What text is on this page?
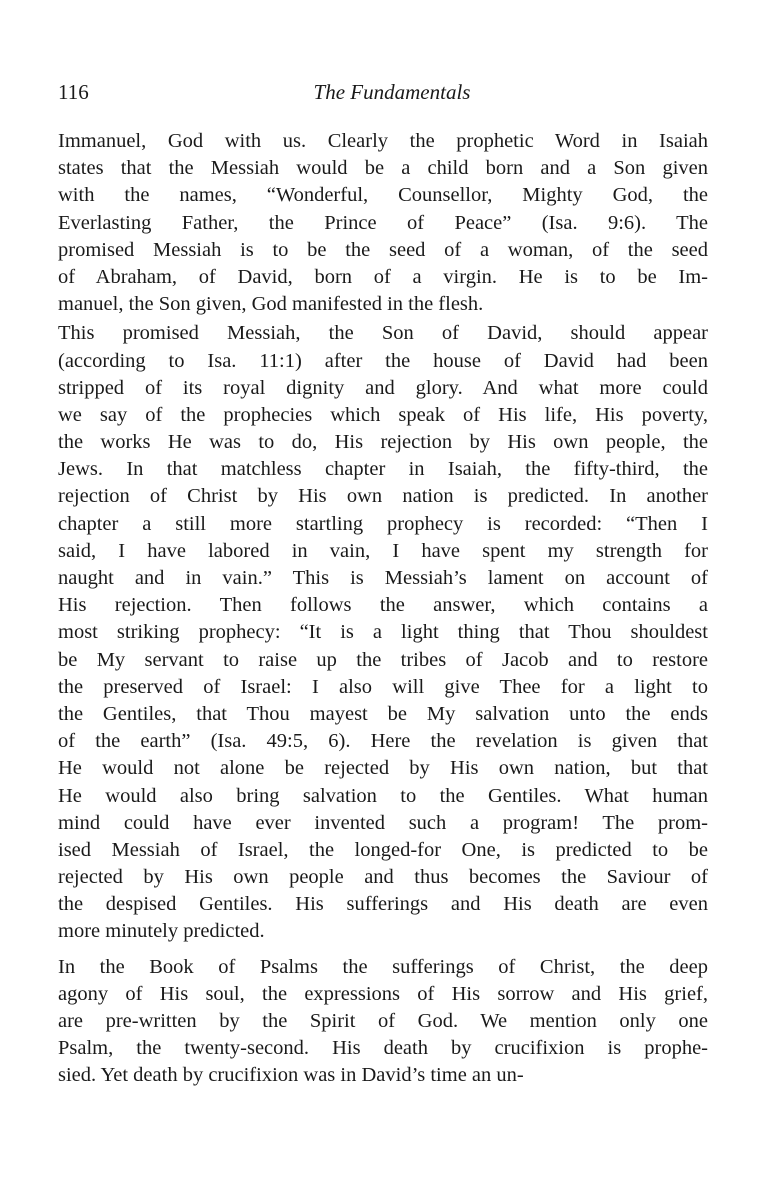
116	The Fundamentals

Immanuel, God with us. Clearly the prophetic Word in Isaiah
states that the Messiah would be a child born and a Son given
with the names, “Wonderful, Counsellor, Mighty God, the
Everlasting Father, the Prince of Peace” (Isa. 9:6). The
promised Messiah is to be the seed of a woman, of the seed
of Abraham, of David, born of a virgin. He is to be Im-
manuel, the Son given, God manifested in the flesh.

This promised Messiah, the Son of David, should appear
(according to Isa. 11:1) after the house of David had been
stripped of its royal dignity and glory. And what more could
we say of the prophecies which speak of His life, His poverty,
the works He was to do, His rejection by His own people, the
Jews. In that matchless chapter in Isaiah, the fifty-third, the
rejection of Christ by His own nation is predicted. In another
chapter a still more startling prophecy is recorded: “Then I
said, I have labored in vain, I have spent my strength for
naught and in vain.” This is Messiah’s lament on account of
His rejection. Then follows the answer, which contains a
most striking prophecy: “It is a light thing that Thou shouldest
be My servant to raise up the tribes of Jacob and to restore
the preserved of Israel: I also will give Thee for a light to
the Gentiles, that Thou mayest be My salvation unto the ends
of the earth” (Isa. 49:5, 6). Here the revelation is given that
He would not alone be rejected by His own nation, but that
He would also bring salvation to the Gentiles. What human
mind could have ever invented such a program! The prom-
ised Messiah of Israel, the longed-for One, is predicted to be
rejected by His own people and thus becomes the Saviour of
the despised Gentiles. His sufferings and His death are even
more minutely predicted.

In the Book of Psalms the sufferings of Christ, the deep
agony of His soul, the expressions of His sorrow and His grief,
are pre-written by the Spirit of God. We mention only one
Psalm, the twenty-second. His death by crucifixion is prophe-
sied. Yet death by crucifixion was in David’s time an un-
